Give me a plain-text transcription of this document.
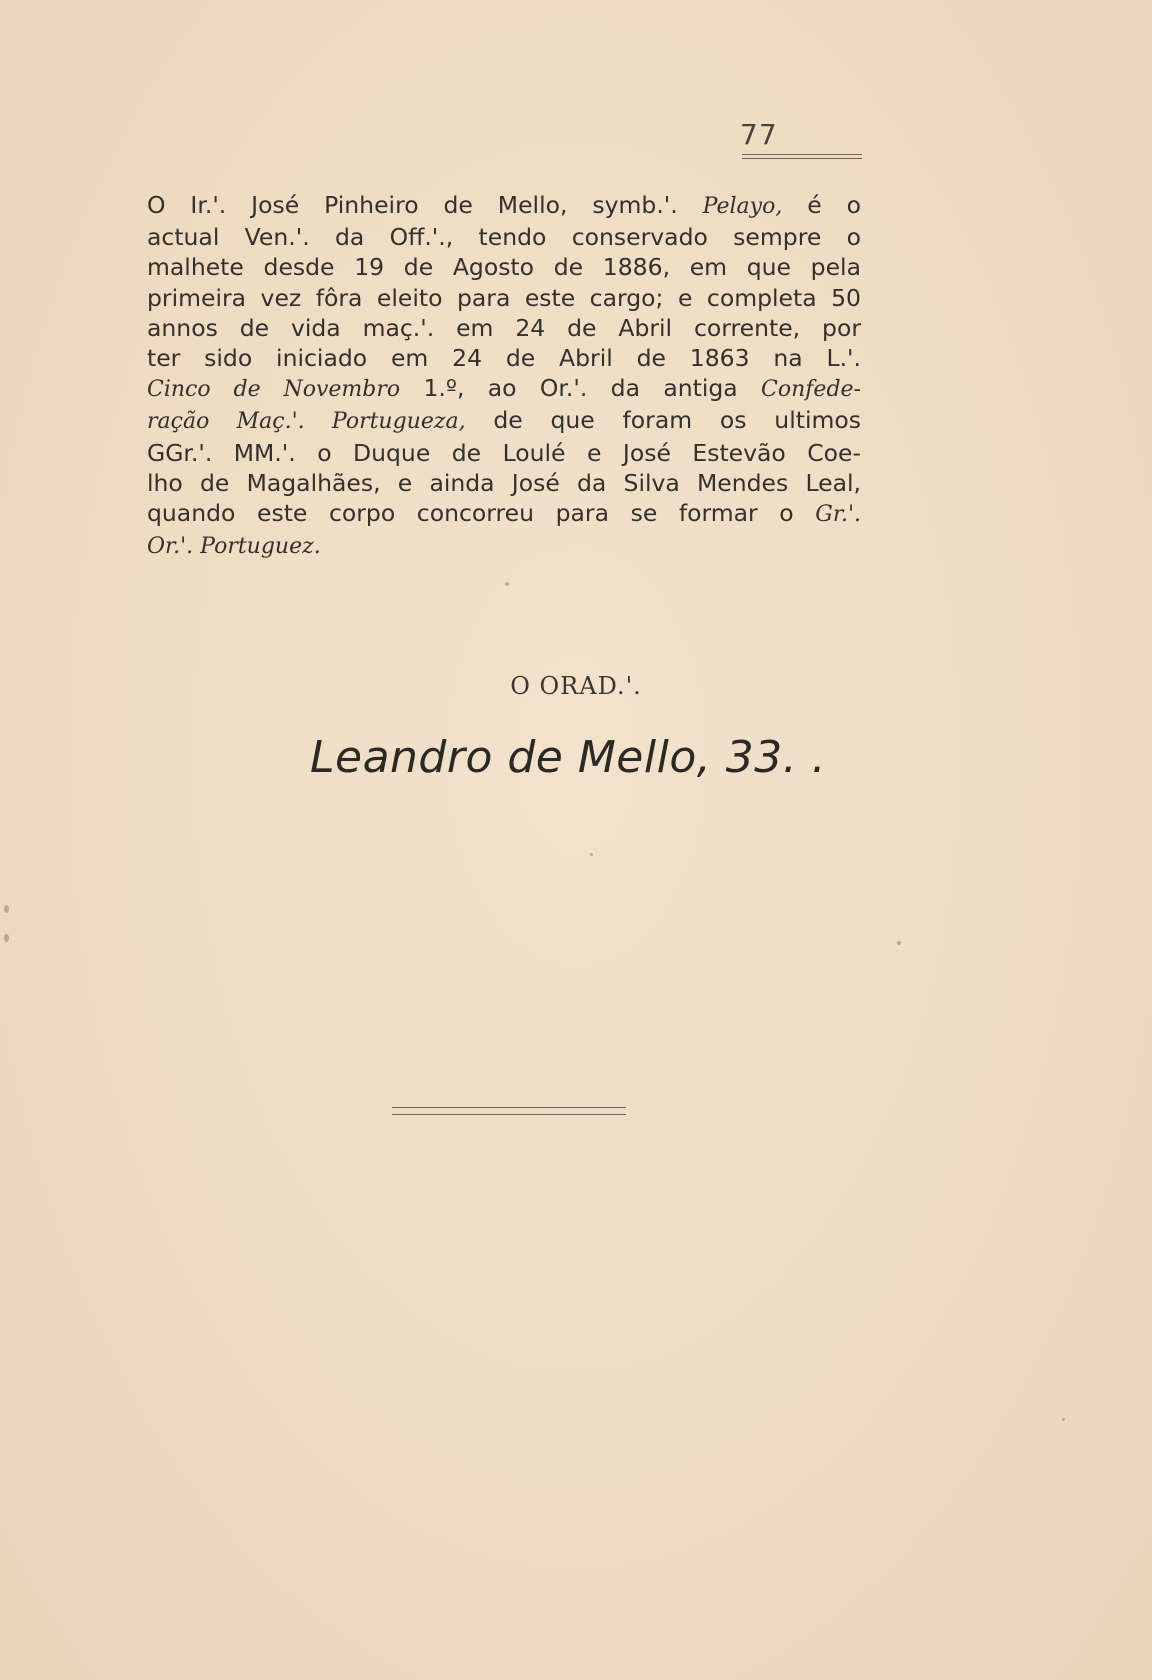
77
O Ir.'. José Pinheiro de Mello, symb.'. Pelayo, é o
actual Ven.'. da Off.'., tendo conservado sempre o
malhete desde 19 de Agosto de 1886, em que pela
primeira vez fôra eleito para este cargo; e completa 50
annos de vida maç.'. em 24 de Abril corrente, por
ter sido iniciado em 24 de Abril de 1863 na L.'.
Cinco de Novembro 1.º, ao Or.'. da antiga Confede-
ração Maç.'. Portugueza, de que foram os ultimos
GGr.'. MM.'. o Duque de Loulé e José Estevão Coe-
lho de Magalhães, e ainda José da Silva Mendes Leal,
quando este corpo concorreu para se formar o Gr.'.
Or.'. Portuguez.
O ORAD.'.
Leandro de Mello, 33. .
